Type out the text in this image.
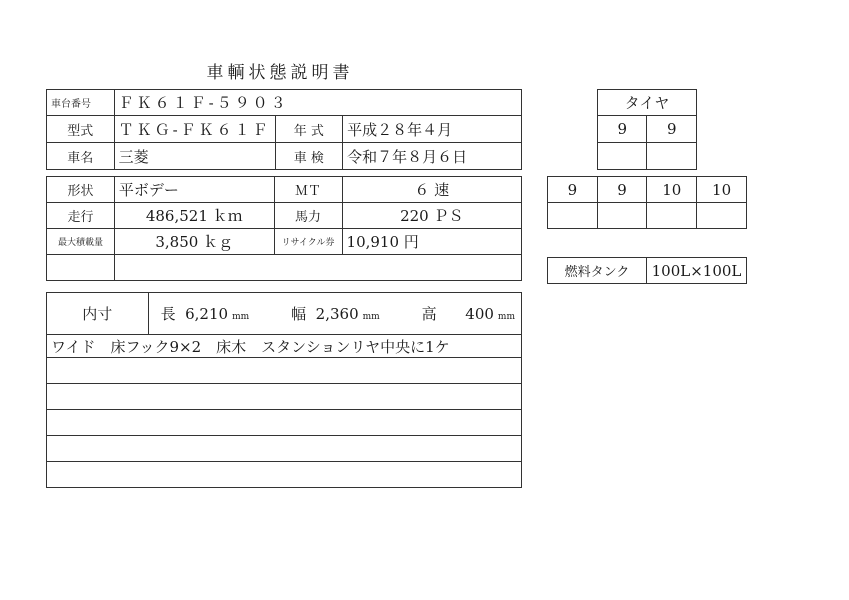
車輌状態説明書
車台番号	ＦＫ６１Ｆ-５９０３		
型式	ＴＫＧ-ＦＫ６１Ｆ	年 式	平成２８年４月
車名	三菱	車 検	令和７年８月６日
形状	平ボデー	ＭＴ	６ 速
走行	486,521 ｋｍ	馬力	220 ＰＳ
最大積載量	3,850 ｋｇ	リサイクル券	10,910 円

内寸	長 6,210 mm	幅 2,360 mm	高 400 mm

ワイド　床フック9×2　床木　スタンションリヤ中央に1ケ

タイヤ	
9	9

9	9	10	10

燃料タンク	100L×100L
